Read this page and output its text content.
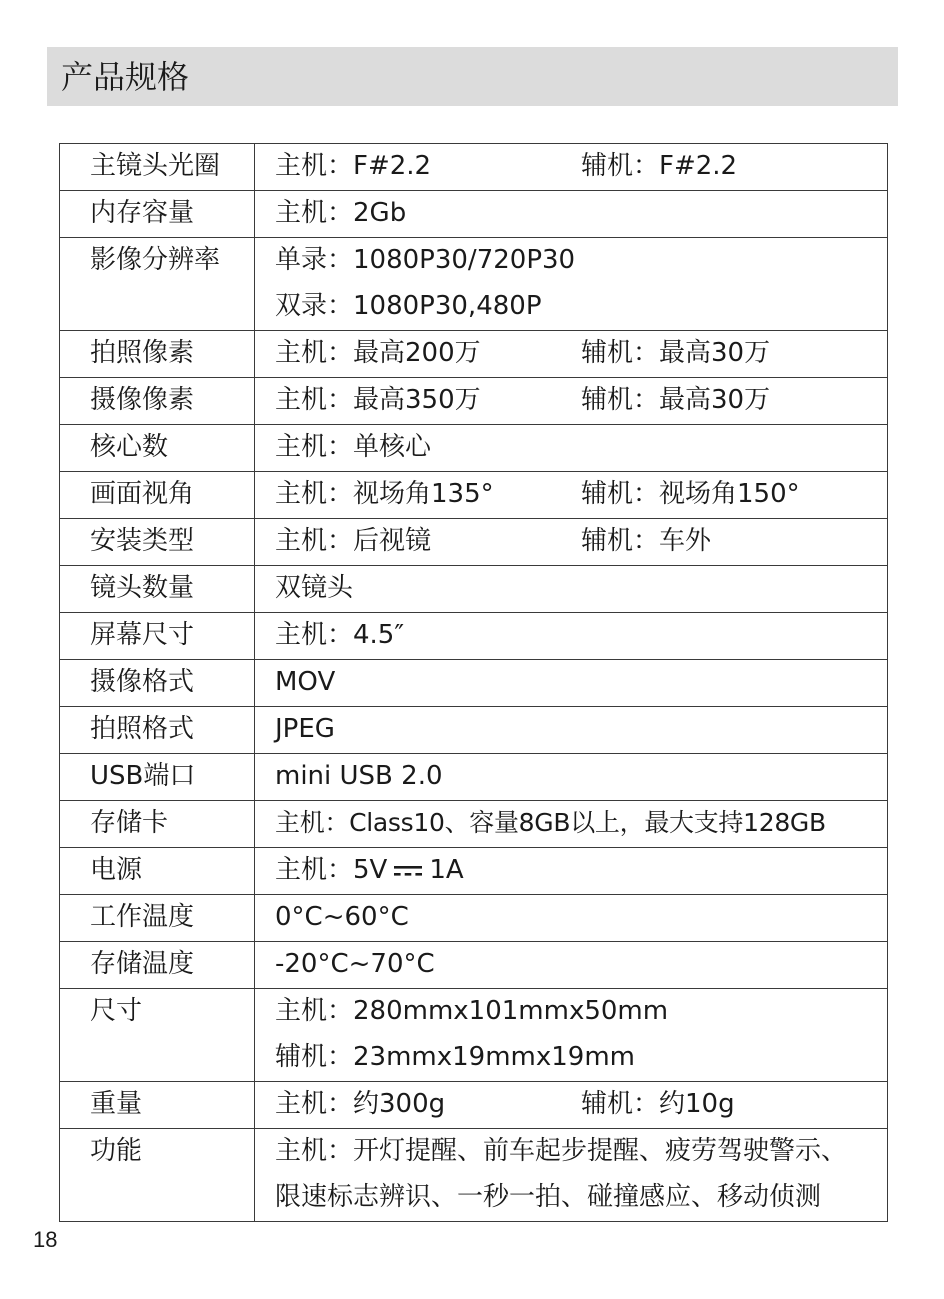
产品规格
主镜头光圈	主机：F#2.2 辅机：F#2.2

内存容量	主机：2Gb

影像分辨率	单录：1080P30/720P30
双录：1080P30,480P

拍照像素	主机：最高200万 辅机：最高30万

摄像像素	主机：最高350万 辅机：最高30万

核心数	主机：单核心

画面视角	主机：视场角135° 辅机：视场角150°

安装类型	主机：后视镜 辅机：车外

镜头数量	双镜头

屏幕尺寸	主机：4.5″

摄像格式	MOV

拍照格式	JPEG

USB端口	mini USB 2.0

存储卡	主机：Class10、容量8GB以上，最大支持128GB

电源	主机：5V 1A

工作温度	0°C~60°C

存储温度	-20°C~70°C

尺寸	主机：280mmx101mmx50mm
辅机：23mmx19mmx19mm

重量	主机：约300g 辅机：约10g

功能	主机：开灯提醒、前车起步提醒、疲劳驾驶警示、
限速标志辨识、一秒一拍、碰撞感应、移动侦测
18
